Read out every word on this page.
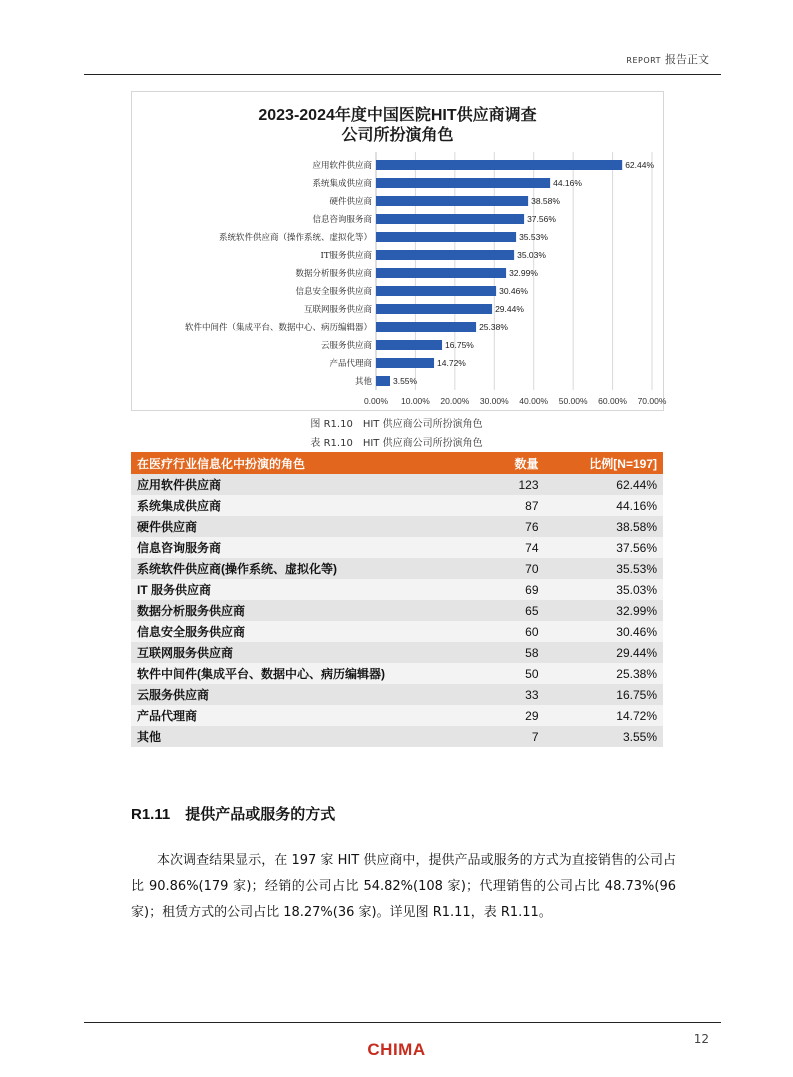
REPORT 报告正文
2023-2024年度中国医院HIT供应商调查
公司所扮演角色
0.00% 10.00% 20.00% 30.00% 40.00% 50.00% 60.00% 70.00%
应用软件供应商	62.44%
系统集成供应商	44.16%
硬件供应商	38.58%
信息咨询服务商	37.56%
系统软件供应商（操作系统、虚拟化等）	35.53%
IT服务供应商	35.03%
数据分析服务供应商	32.99%
信息安全服务供应商	30.46%
互联网服务供应商	29.44%
软件中间件（集成平台、数据中心、病历编辑器）	25.38%
云服务供应商	16.75%
产品代理商	14.72%
其他 3.55%
图 R1.10　HIT 供应商公司所扮演角色
表 R1.10　HIT 供应商公司所扮演角色
在医疗行业信息化中扮演的角色	数量	比例[N=197]
应用软件供应商	123	62.44%
系统集成供应商	87	44.16%
硬件供应商	76	38.58%
信息咨询服务商	74	37.56%
系统软件供应商(操作系统、虚拟化等)	70	35.53%
IT 服务供应商	69	35.03%
数据分析服务供应商	65	32.99%
信息安全服务供应商	60	30.46%
互联网服务供应商	58	29.44%
软件中间件(集成平台、数据中心、病历编辑器)	50	25.38%
云服务供应商	33	16.75%
产品代理商	29	14.72%
其他	7	3.55%
R1.11　提供产品或服务的方式
本次调查结果显示，在 197 家 HIT 供应商中，提供产品或服务的方式为直接销售的公司占比 90.86%(179 家)；经销的公司占比 54.82%(108 家)；代理销售的公司占比 48.73%(96 家)；租赁方式的公司占比 18.27%(36 家)。详见图 R1.11，表 R1.11。
CHIMA
12
